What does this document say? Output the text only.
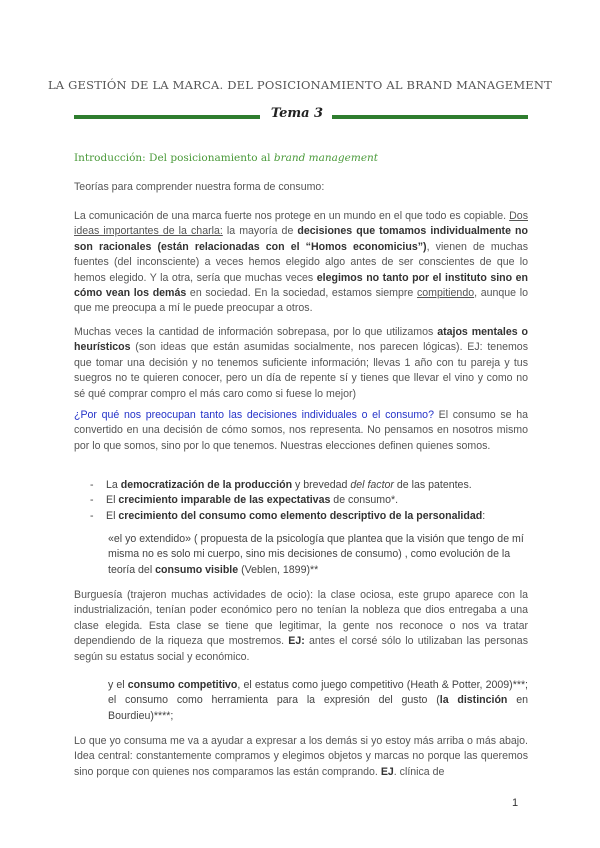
LA GESTIÓN DE LA MARCA. DEL POSICIONAMIENTO AL BRAND MANAGEMENT
Tema 3
Introducción: Del posicionamiento al brand management
Teorías para comprender nuestra forma de consumo:
La comunicación de una marca fuerte nos protege en un mundo en el que todo es copiable. Dos ideas importantes de la charla: la mayoría de decisiones que tomamos individualmente no son racionales (están relacionadas con el “Homos economicius”), vienen de muchas fuentes (del inconsciente) a veces hemos elegido algo antes de ser conscientes de que lo hemos elegido. Y la otra, sería que muchas veces elegimos no tanto por el instituto sino en cómo vean los demás en sociedad. En la sociedad, estamos siempre compitiendo, aunque lo que me preocupa a mí le puede preocupar a otros.
Muchas veces la cantidad de información sobrepasa, por lo que utilizamos atajos mentales o heurísticos (son ideas que están asumidas socialmente, nos parecen lógicas). EJ: tenemos que tomar una decisión y no tenemos suficiente información; llevas 1 año con tu pareja y tus suegros no te quieren conocer, pero un día de repente sí y tienes que llevar el vino y como no sé qué comprar compro el más caro como si fuese lo mejor)
¿Por qué nos preocupan tanto las decisiones individuales o el consumo? El consumo se ha convertido en una decisión de cómo somos, nos representa. No pensamos en nosotros mismo por lo que somos, sino por lo que tenemos. Nuestras elecciones definen quienes somos.
- La democratización de la producción y brevedad del factor de las patentes.
- El crecimiento imparable de las expectativas de consumo*.
- El crecimiento del consumo como elemento descriptivo de la personalidad:
«el yo extendido» ( propuesta de la psicología que plantea que la visión que tengo de mí misma no es solo mi cuerpo, sino mis decisiones de consumo) , como evolución de la teoría del consumo visible (Veblen, 1899)**
Burguesía (trajeron muchas actividades de ocio): la clase ociosa, este grupo aparece con la industrialización, tenían poder económico pero no tenían la nobleza que dios entregaba a una clase elegida. Esta clase se tiene que legitimar, la gente nos reconoce o nos va tratar dependiendo de la riqueza que mostremos. EJ: antes el corsé sólo lo utilizaban las personas según su estatus social y económico.
y el consumo competitivo, el estatus como juego competitivo (Heath & Potter, 2009)***; el consumo como herramienta para la expresión del gusto (la distinción en Bourdieu)****;
Lo que yo consuma me va a ayudar a expresar a los demás si yo estoy más arriba o más abajo. Idea central: constantemente compramos y elegimos objetos y marcas no porque las queremos sino porque con quienes nos comparamos las están comprando. EJ. clínica de
1
